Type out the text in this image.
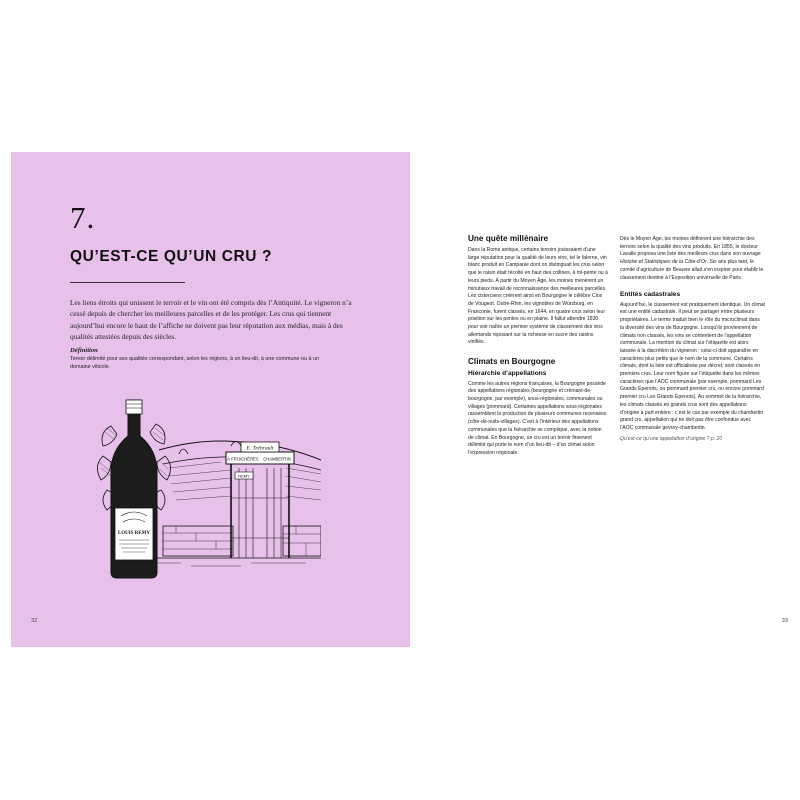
7.
QU’EST-CE QU’UN CRU ?

Les liens étroits qui unissent le terroir et le vin ont été compris dès l’Antiquité. Le vigneron n’a cessé depuis de chercher les meilleures parcelles et de les protéger. Les crus qui tiennent aujourd’hui encore le haut de l’affiche ne doivent pas leur réputation aux médias, mais à des qualités attestées depuis des siècles.

Définition

Terroir délimité pour ses qualités correspondant, selon les régions, à un lieu-dit, à une commune ou à un domaine viticole.

E. Trébrault
À FROICHÈRES CHAMBERTIN
REMY
LOUIS REMY
32
Une quête millénaire

Dans la Rome antique, certains terroirs jouissaient d’une large réputation pour la qualité de leurs vins, tel le falerne, vin blanc produit en Campanie dont on distinguait les crus selon que le raisin était récolté en haut des collines, à mi-pente ou à leurs pieds. À partir du Moyen Âge, les moines mènèrent un minutieux travail de reconnaissance des meilleures parcelles. Les cisterciens créèrent ainsi en Bourgogne le célèbre Clos de Vougeot. Outre-Rhin, les vignobles de Würzburg, en Franconie, furent classés, en 1644, en quatre crus selon leur position sur les pentes ou en plaine. Il fallut attendre 1830 pour voir naître un premier système de classement des vins allemands reposant sur la richesse en sucre des raisins vinifiés.

Climats en Bourgogne
Hiérarchie d’appellations

Comme les autres régions françaises, la Bourgogne possède des appellations régionales (bourgogne et crémant-de-bourgogne, par exemple), sous-régionales, communales ou villages (pommard). Certaines appellations sous-régionales rassemblent la production de plusieurs communes recensées (côte-de-nuits-villages). C’est à l’intérieur des appellations communales que la hiérarchie se complique, avec la notion de climat. En Bourgogne, un cru est un terroir finement délimité qui porte le nom d’un lieu-dit – d’un climat selon l’expression régionale.

Dès le Moyen Âge, les moines définirent une hiérarchie des terroirs selon la qualité des vins produits. En 1855, le docteur Lavalle proposa une liste des meilleurs crus dans son ouvrage Histoire et Statistiques de la Côte-d’Or. Six ans plus tard, le comité d’agriculture de Beaune allait s’en inspirer pour établir le classement destiné à l’Exposition universelle de Paris.

Entités cadastrales

Aujourd’hui, le classement est pratiquement identique. Un climat est une entité cadastrale. Il peut se partager entre plusieurs propriétaires. Le terme traduit bien le rôle du microclimat dans la diversité des vins de Bourgogne. Lorsqu’ils proviennent de climats non classés, les vins se contentent de l’appellation communale. La mention du climat sur l’étiquette est alors laissée à la discrétion du vigneron ; celui-ci doit apparaître en caractères plus petits que le nom de la commune. Certains climats, dont la liste est officialisée par décret, sont classés en premiers crus. Leur nom figure sur l’étiquette dans les mêmes caractères que l’AOC communale (par exemple, pommard Les Grands Épenots, ou pommard premier cru, ou encore pommard premier cru Les Grands Épenots). Au sommet de la hiérarchie, les climats classés en grands crus sont des appellations d’origine à part entière : c’est le cas par exemple du chambertin grand cru, appellation qui ne doit pas être confondue avec l’AOC communale gevrey-chambertin.

Qu’est-ce qu’une appellation d’origine ? p. 20

33
